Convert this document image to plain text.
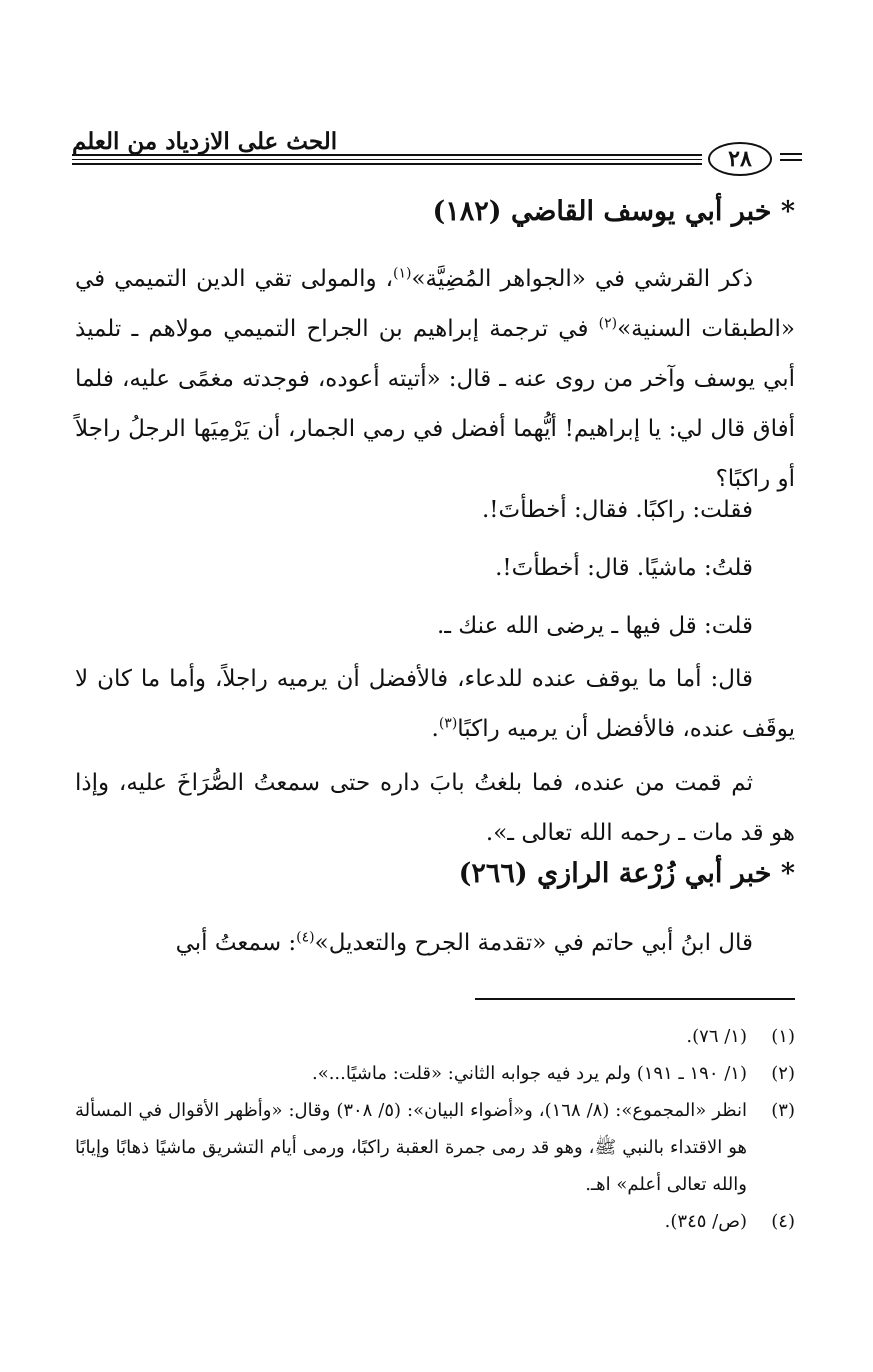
الحث على الازدياد من العلم
٢٨
* خبر أبي يوسف القاضي (١٨٢)
ذكر القرشي في «الجواهر المُضِيَّة»$^{(١)}$، والمولى تقي الدين التميمي في «الطبقات السنية»$^{(٢)}$ في ترجمة إبراهيم بن الجراح التميمي مولاهم ـ تلميذ أبي يوسف وآخر من روى عنه ـ قال: «أتيته أعوده، فوجدته مغمًى عليه، فلما أفاق قال لي: يا إبراهيم! أيُّهما أفضل في رمي الجمار، أن يَرْمِيَها الرجلُ راجلاً أو راكبًا؟
فقلت: راكبًا. فقال: أخطأتَ!.
قلتُ: ماشيًا. قال: أخطأتَ!.
قلت: قل فيها ـ يرضى الله عنك ـ.
قال: أما ما يوقف عنده للدعاء، فالأفضل أن يرميه راجلاً، وأما ما كان لا يوقَف عنده، فالأفضل أن يرميه راكبًا$^{(٣)}$.
ثم قمت من عنده، فما بلغتُ بابَ داره حتى سمعتُ الصُّرَاخَ عليه، وإذا هو قد مات ـ رحمه الله تعالى ـ».
* خبر أبي زُرْعة الرازي (٢٦٦)
قال ابنُ أبي حاتم في «تقدمة الجرح والتعديل»$^{(٤)}$: سمعتُ أبي
(١)
(١/ ٧٦).
(٢)
(١/ ١٩٠ ـ ١٩١) ولم يرد فيه جوابه الثاني: «قلت: ماشيًا...».
(٣)
انظر «المجموع»: (٨/ ١٦٨)، و«أضواء البيان»: (٥/ ٣٠٨) وقال: «وأظهر الأقوال في المسألة هو الاقتداء بالنبي ﷺ، وهو قد رمى جمرة العقبة راكبًا، ورمى أيام التشريق ماشيًا ذهابًا وإيابًا والله تعالى أعلم» اهـ.
(٤)
(ص/ ٣٤٥).
